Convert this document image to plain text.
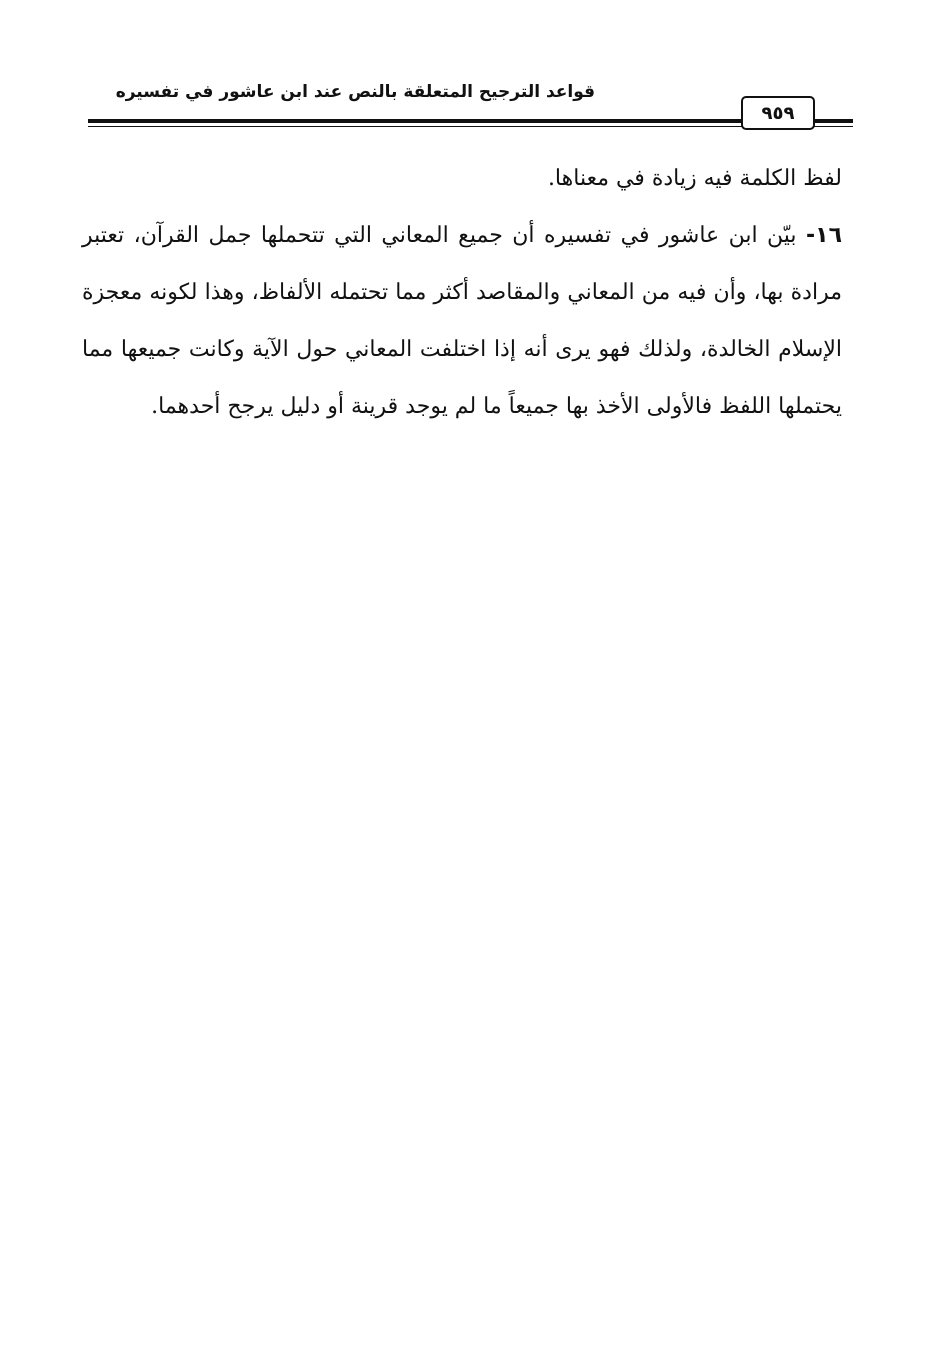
قواعد الترجيح المتعلقة بالنص عند ابن عاشور في تفسيره
٩٥٩

لفظ الكلمة فيه زيادة في معناها.

١٦- بيّن ابن عاشور في تفسيره أن جميع المعاني التي تتحملها جمل القرآن، تعتبر مرادة بها، وأن فيه من المعاني والمقاصد أكثر مما تحتمله الألفاظ، وهذا لكونه معجزة الإسلام الخالدة، ولذلك فهو يرى أنه إذا اختلفت المعاني حول الآية وكانت جميعها مما يحتملها اللفظ فالأولى الأخذ بها جميعاً ما لم يوجد قرينة أو دليل يرجح أحدهما.
